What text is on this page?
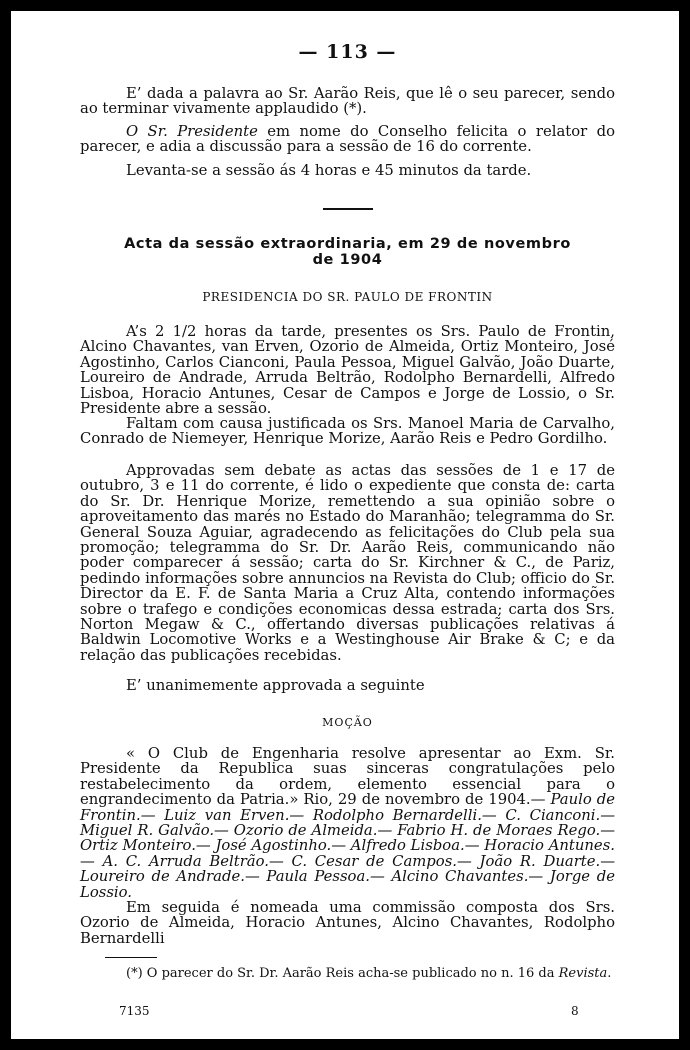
— 113 —

E’ dada a palavra ao Sr. Aarão Reis, que lê o seu parecer, sendo ao terminar vivamente applaudido (*).

O Sr. Presidente em nome do Conselho felicita o relator do parecer, e adia a discussão para a sessão de 16 do corrente.

Levanta-se a sessão ás 4 horas e 45 minutos da tarde.

Acta da sessão extraordinaria, em 29 de novembro
de 1904
PRESIDENCIA DO SR. PAULO DE FRONTIN

A’s 2 1/2 horas da tarde, presentes os Srs. Paulo de Frontin, Alcino Chavantes, van Erven, Ozorio de Almeida, Ortiz Monteiro, José Agostinho, Carlos Cianconi, Paula Pessoa, Miguel Galvão, João Duarte, Loureiro de Andrade, Arruda Beltrão, Rodolpho Bernardelli, Alfredo Lisboa, Horacio Antunes, Cesar de Campos e Jorge de Lossio, o Sr. Presidente abre a sessão.

Faltam com causa justificada os Srs. Manoel Maria de Carvalho, Conrado de Niemeyer, Henrique Morize, Aarão Reis e Pedro Gordilho.

Approvadas sem debate as actas das sessões de 1 e 17 de outubro, 3 e 11 do corrente, é lido o expediente que consta de: carta do Sr. Dr. Henrique Morize, remettendo a sua opinião sobre o aproveitamento das marés no Estado do Maranhão; telegramma do Sr. General Souza Aguiar, agradecendo as felicitações do Club pela sua promoção; telegramma do Sr. Dr. Aarão Reis, communicando não poder comparecer á sessão; carta do Sr. Kirchner & C., de Pariz, pedindo informações sobre annuncios na Revista do Club; officio do Sr. Director da E. F. de Santa Maria a Cruz Alta, contendo informações sobre o trafego e condições economicas dessa estrada; carta dos Srs. Norton Megaw & C., offertando diversas publicações relativas á Baldwin Locomotive Works e a Westinghouse Air Brake & C; e da relação das publicações recebidas.

E’ unanimemente approvada a seguinte

MOÇÃO

« O Club de Engenharia resolve apresentar ao Exm. Sr. Presidente da Republica suas sinceras congratulações pelo restabelecimento da ordem, elemento essencial para o engrandecimento da Patria.» Rio, 29 de novembro de 1904.— Paulo de Frontin.— Luiz van Erven.— Rodolpho Bernardelli.— C. Cianconi.— Miguel R. Galvão.— Ozorio de Almeida.— Fabrio H. de Moraes Rego.— Ortiz Monteiro.— José Agostinho.— Alfredo Lisboa.— Horacio Antunes.— A. C. Arruda Beltrão.— C. Cesar de Campos.— João R. Duarte.— Loureiro de Andrade.— Paula Pessoa.— Alcino Chavantes.— Jorge de Lossio.

Em seguida é nomeada uma commissão composta dos Srs. Ozorio de Almeida, Horacio Antunes, Alcino Chavantes, Rodolpho Bernardelli

(*) O parecer do Sr. Dr. Aarão Reis acha-se publicado no n. 16 da Revista.
7135	8
